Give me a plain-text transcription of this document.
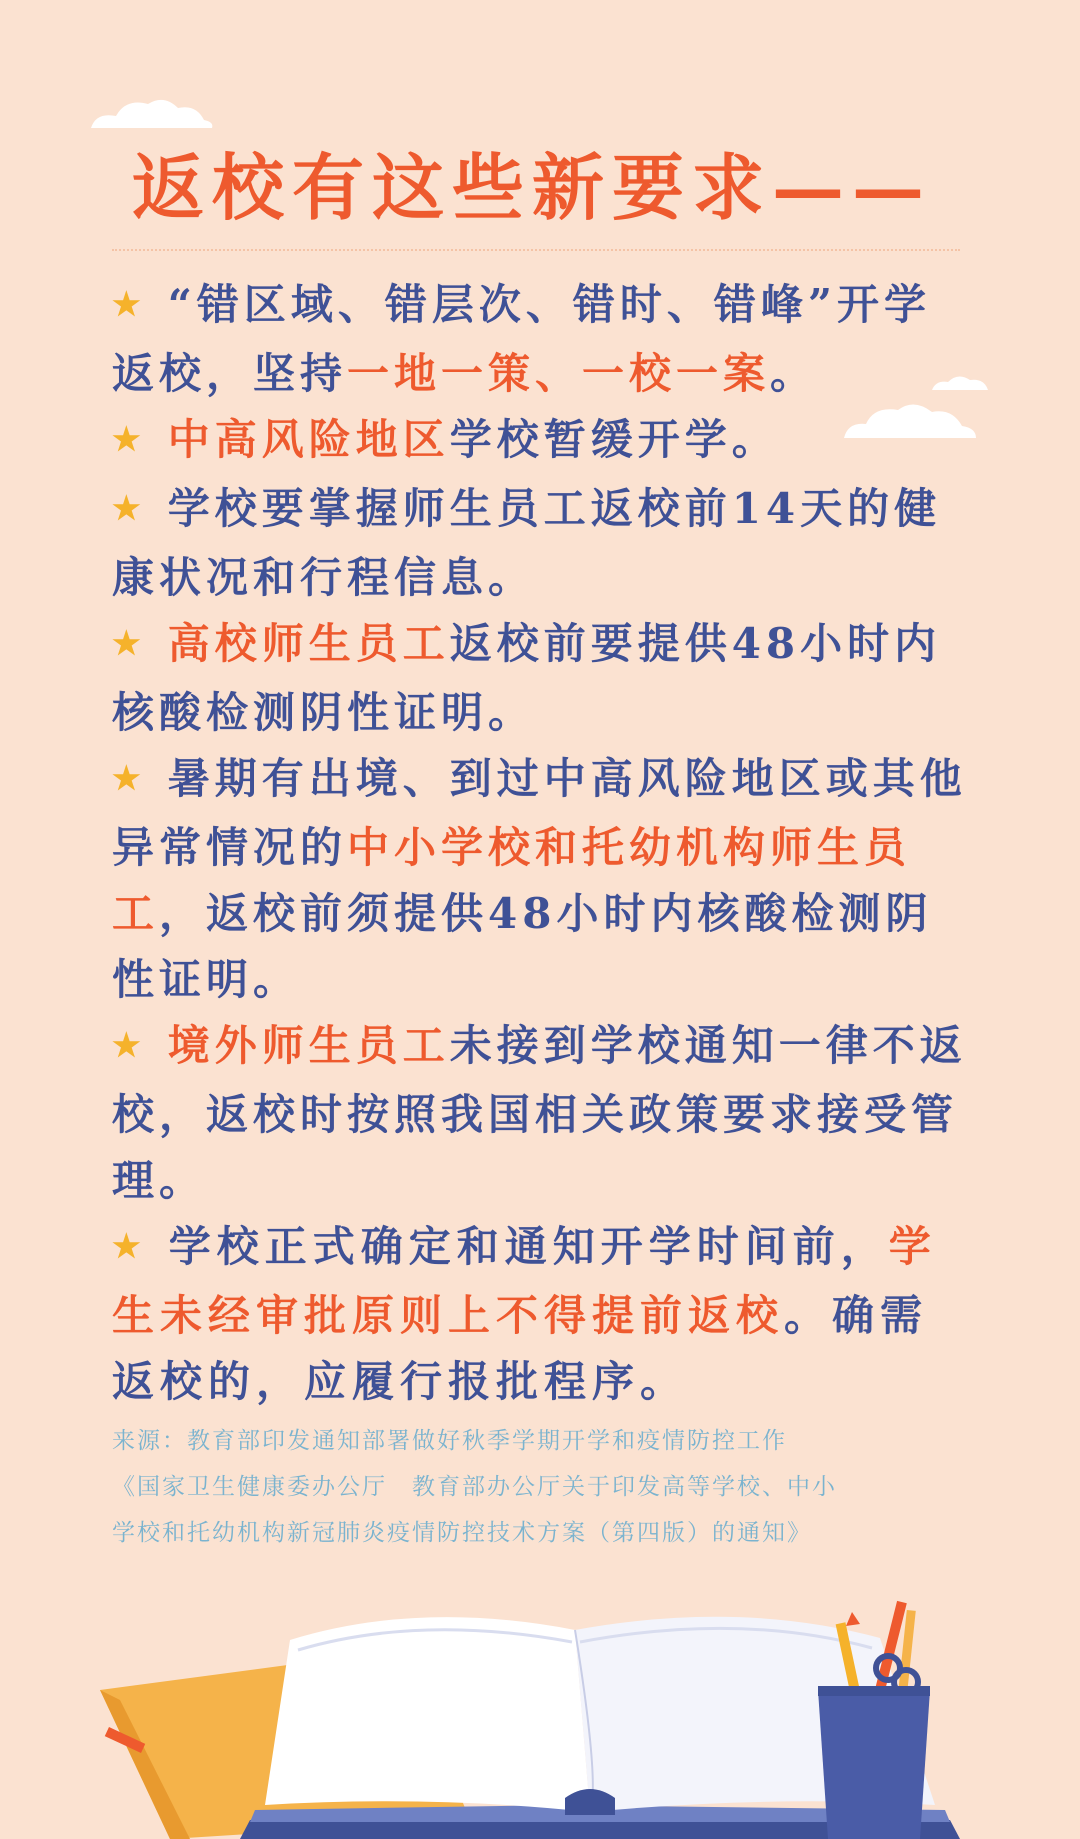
返校有这些新要求——

★ “错区域、错层次、错时、错峰”开学返校，坚持一地一策、一校一案。

★ 中高风险地区学校暂缓开学。

★ 学校要掌握师生员工返校前14天的健康状况和行程信息。

★ 高校师生员工返校前要提供48小时内核酸检测阴性证明。

★ 暑期有出境、到过中高风险地区或其他异常情况的中小学校和托幼机构师生员工，返校前须提供48小时内核酸检测阴性证明。

★ 境外师生员工未接到学校通知一律不返校，返校时按照我国相关政策要求接受管理。

★ 学校正式确定和通知开学时间前，学生未经审批原则上不得提前返校。确需返校的，应履行报批程序。

来源：教育部印发通知部署做好秋季学期开学和疫情防控工作
《国家卫生健康委办公厅　教育部办公厅关于印发高等学校、中小
学校和托幼机构新冠肺炎疫情防控技术方案（第四版）的通知》
